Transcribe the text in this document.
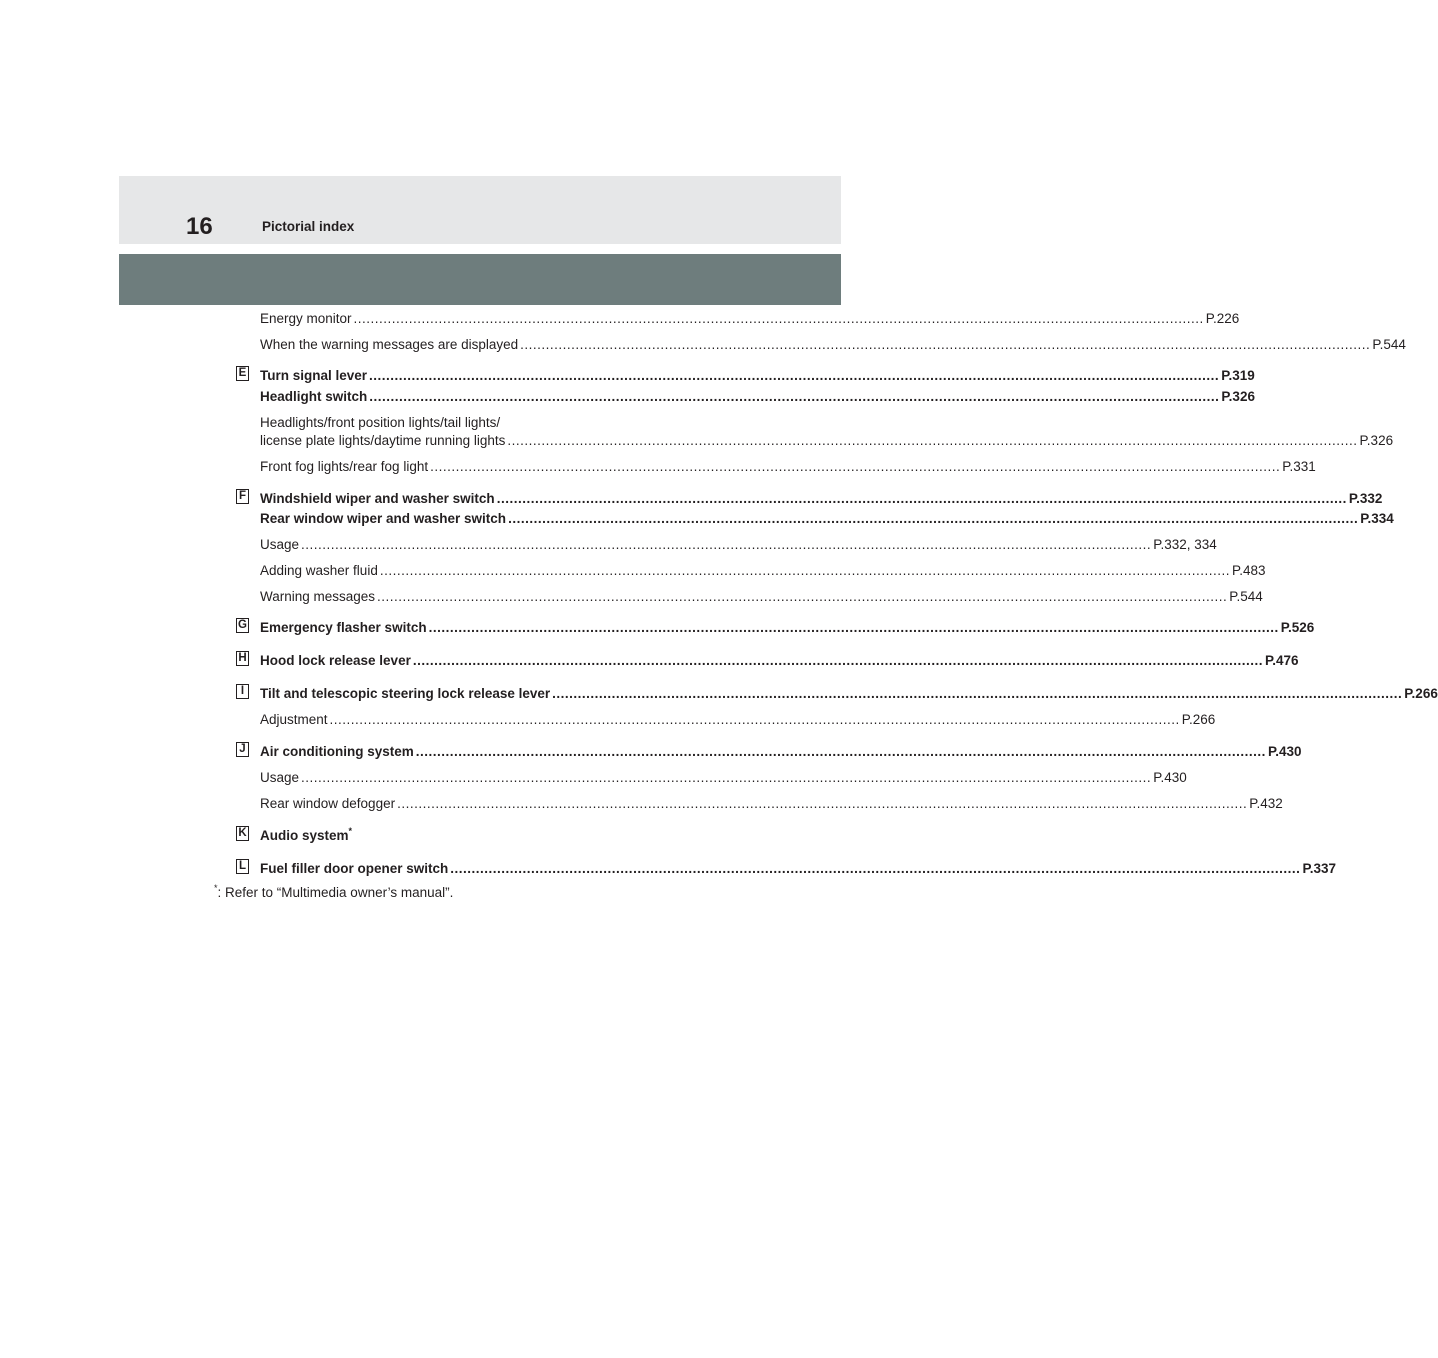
16	Pictorial index
Energy monitor ........................................................................................................................................................................................................ P.226
When the warning messages are displayed ........................................................................................................................................................................................................ P.544
E Turn signal lever ........................................................................................................................................................................................................ P.319
Headlight switch ........................................................................................................................................................................................................ P.326
Headlights/front position lights/tail lights/
license plate lights/daytime running lights ........................................................................................................................................................................................................ P.326
Front fog lights/rear fog light ........................................................................................................................................................................................................ P.331
F Windshield wiper and washer switch ........................................................................................................................................................................................................ P.332
Rear window wiper and washer switch ........................................................................................................................................................................................................ P.334
Usage ........................................................................................................................................................................................................ P.332, 334
Adding washer fluid ........................................................................................................................................................................................................ P.483
Warning messages ........................................................................................................................................................................................................ P.544
G Emergency flasher switch ........................................................................................................................................................................................................ P.526
H Hood lock release lever ........................................................................................................................................................................................................ P.476
I Tilt and telescopic steering lock release lever ........................................................................................................................................................................................................ P.266
Adjustment ........................................................................................................................................................................................................ P.266
J Air conditioning system ........................................................................................................................................................................................................ P.430
Usage ........................................................................................................................................................................................................ P.430
Rear window defogger ........................................................................................................................................................................................................ P.432
K Audio system*
L Fuel filler door opener switch ........................................................................................................................................................................................................ P.337
*: Refer to “Multimedia owner’s manual”.
